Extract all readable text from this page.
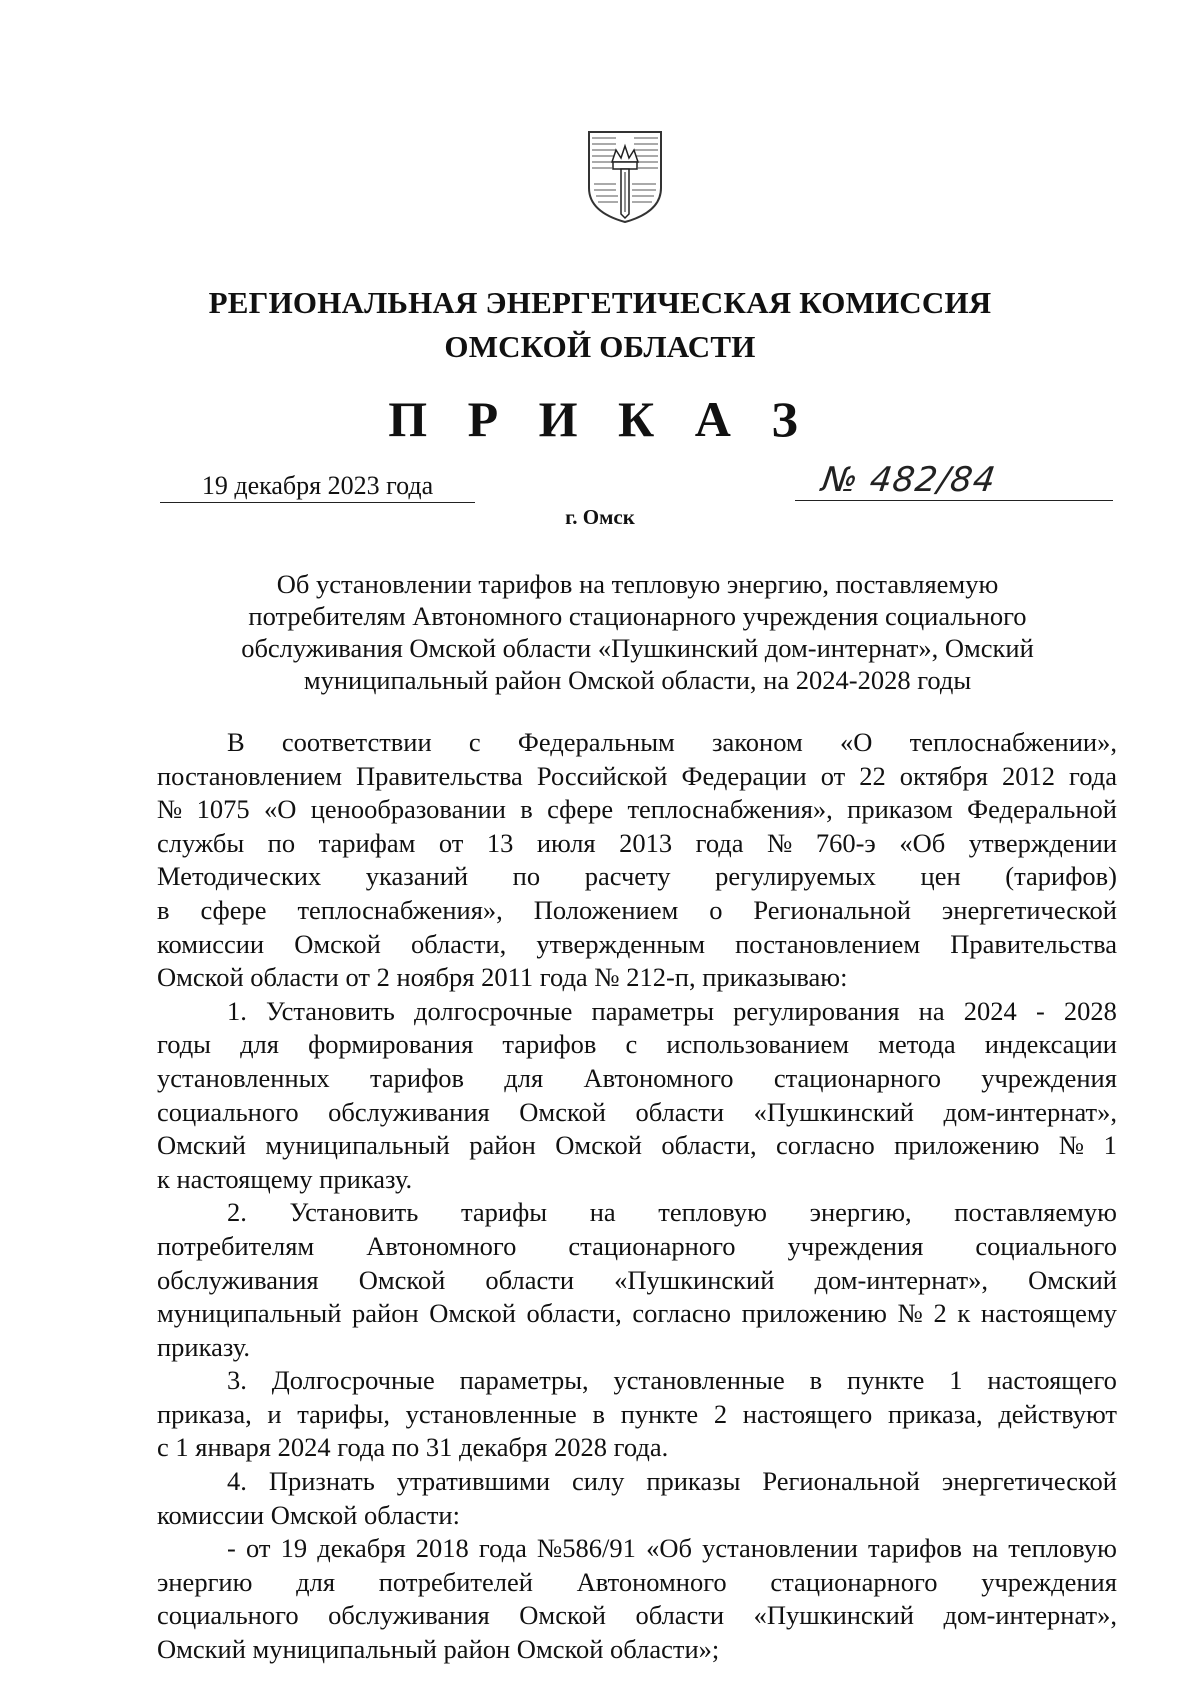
РЕГИОНАЛЬНАЯ ЭНЕРГЕТИЧЕСКАЯ КОМИССИЯ
ОМСКОЙ ОБЛАСТИ
П Р И К А З
19 декабря 2023 года	№ 482/84
г. Омск
Об установлении тарифов на тепловую энергию, поставляемую
потребителям Автономного стационарного учреждения социального
обслуживания Омской области «Пушкинский дом-интернат», Омский
муниципальный район Омской области, на 2024-2028 годы
В соответствии с Федеральным законом «О теплоснабжении»,
постановлением Правительства Российской Федерации от 22 октября 2012 года
№ 1075 «О ценообразовании в сфере теплоснабжения», приказом Федеральной
службы по тарифам от 13 июля 2013 года № 760-э «Об утверждении
Методических указаний по расчету регулируемых цен (тарифов)
в сфере теплоснабжения», Положением о Региональной энергетической
комиссии Омской области, утвержденным постановлением Правительства
Омской области от 2 ноября 2011 года № 212-п, приказываю:
1. Установить долгосрочные параметры регулирования на 2024 - 2028
годы для формирования тарифов с использованием метода индексации
установленных тарифов для Автономного стационарного учреждения
социального обслуживания Омской области «Пушкинский дом-интернат»,
Омский муниципальный район Омской области, согласно приложению № 1
к настоящему приказу.
2. Установить тарифы на тепловую энергию, поставляемую
потребителям Автономного стационарного учреждения социального
обслуживания Омской области «Пушкинский дом-интернат», Омский
муниципальный район Омской области, согласно приложению № 2 к настоящему
приказу.
3. Долгосрочные параметры, установленные в пункте 1 настоящего
приказа, и тарифы, установленные в пункте 2 настоящего приказа, действуют
с 1 января 2024 года по 31 декабря 2028 года.
4. Признать утратившими силу приказы Региональной энергетической
комиссии Омской области:
- от 19 декабря 2018 года №586/91 «Об установлении тарифов на тепловую
энергию для потребителей Автономного стационарного учреждения
социального обслуживания Омской области «Пушкинский дом-интернат»,
Омский муниципальный район Омской области»;
